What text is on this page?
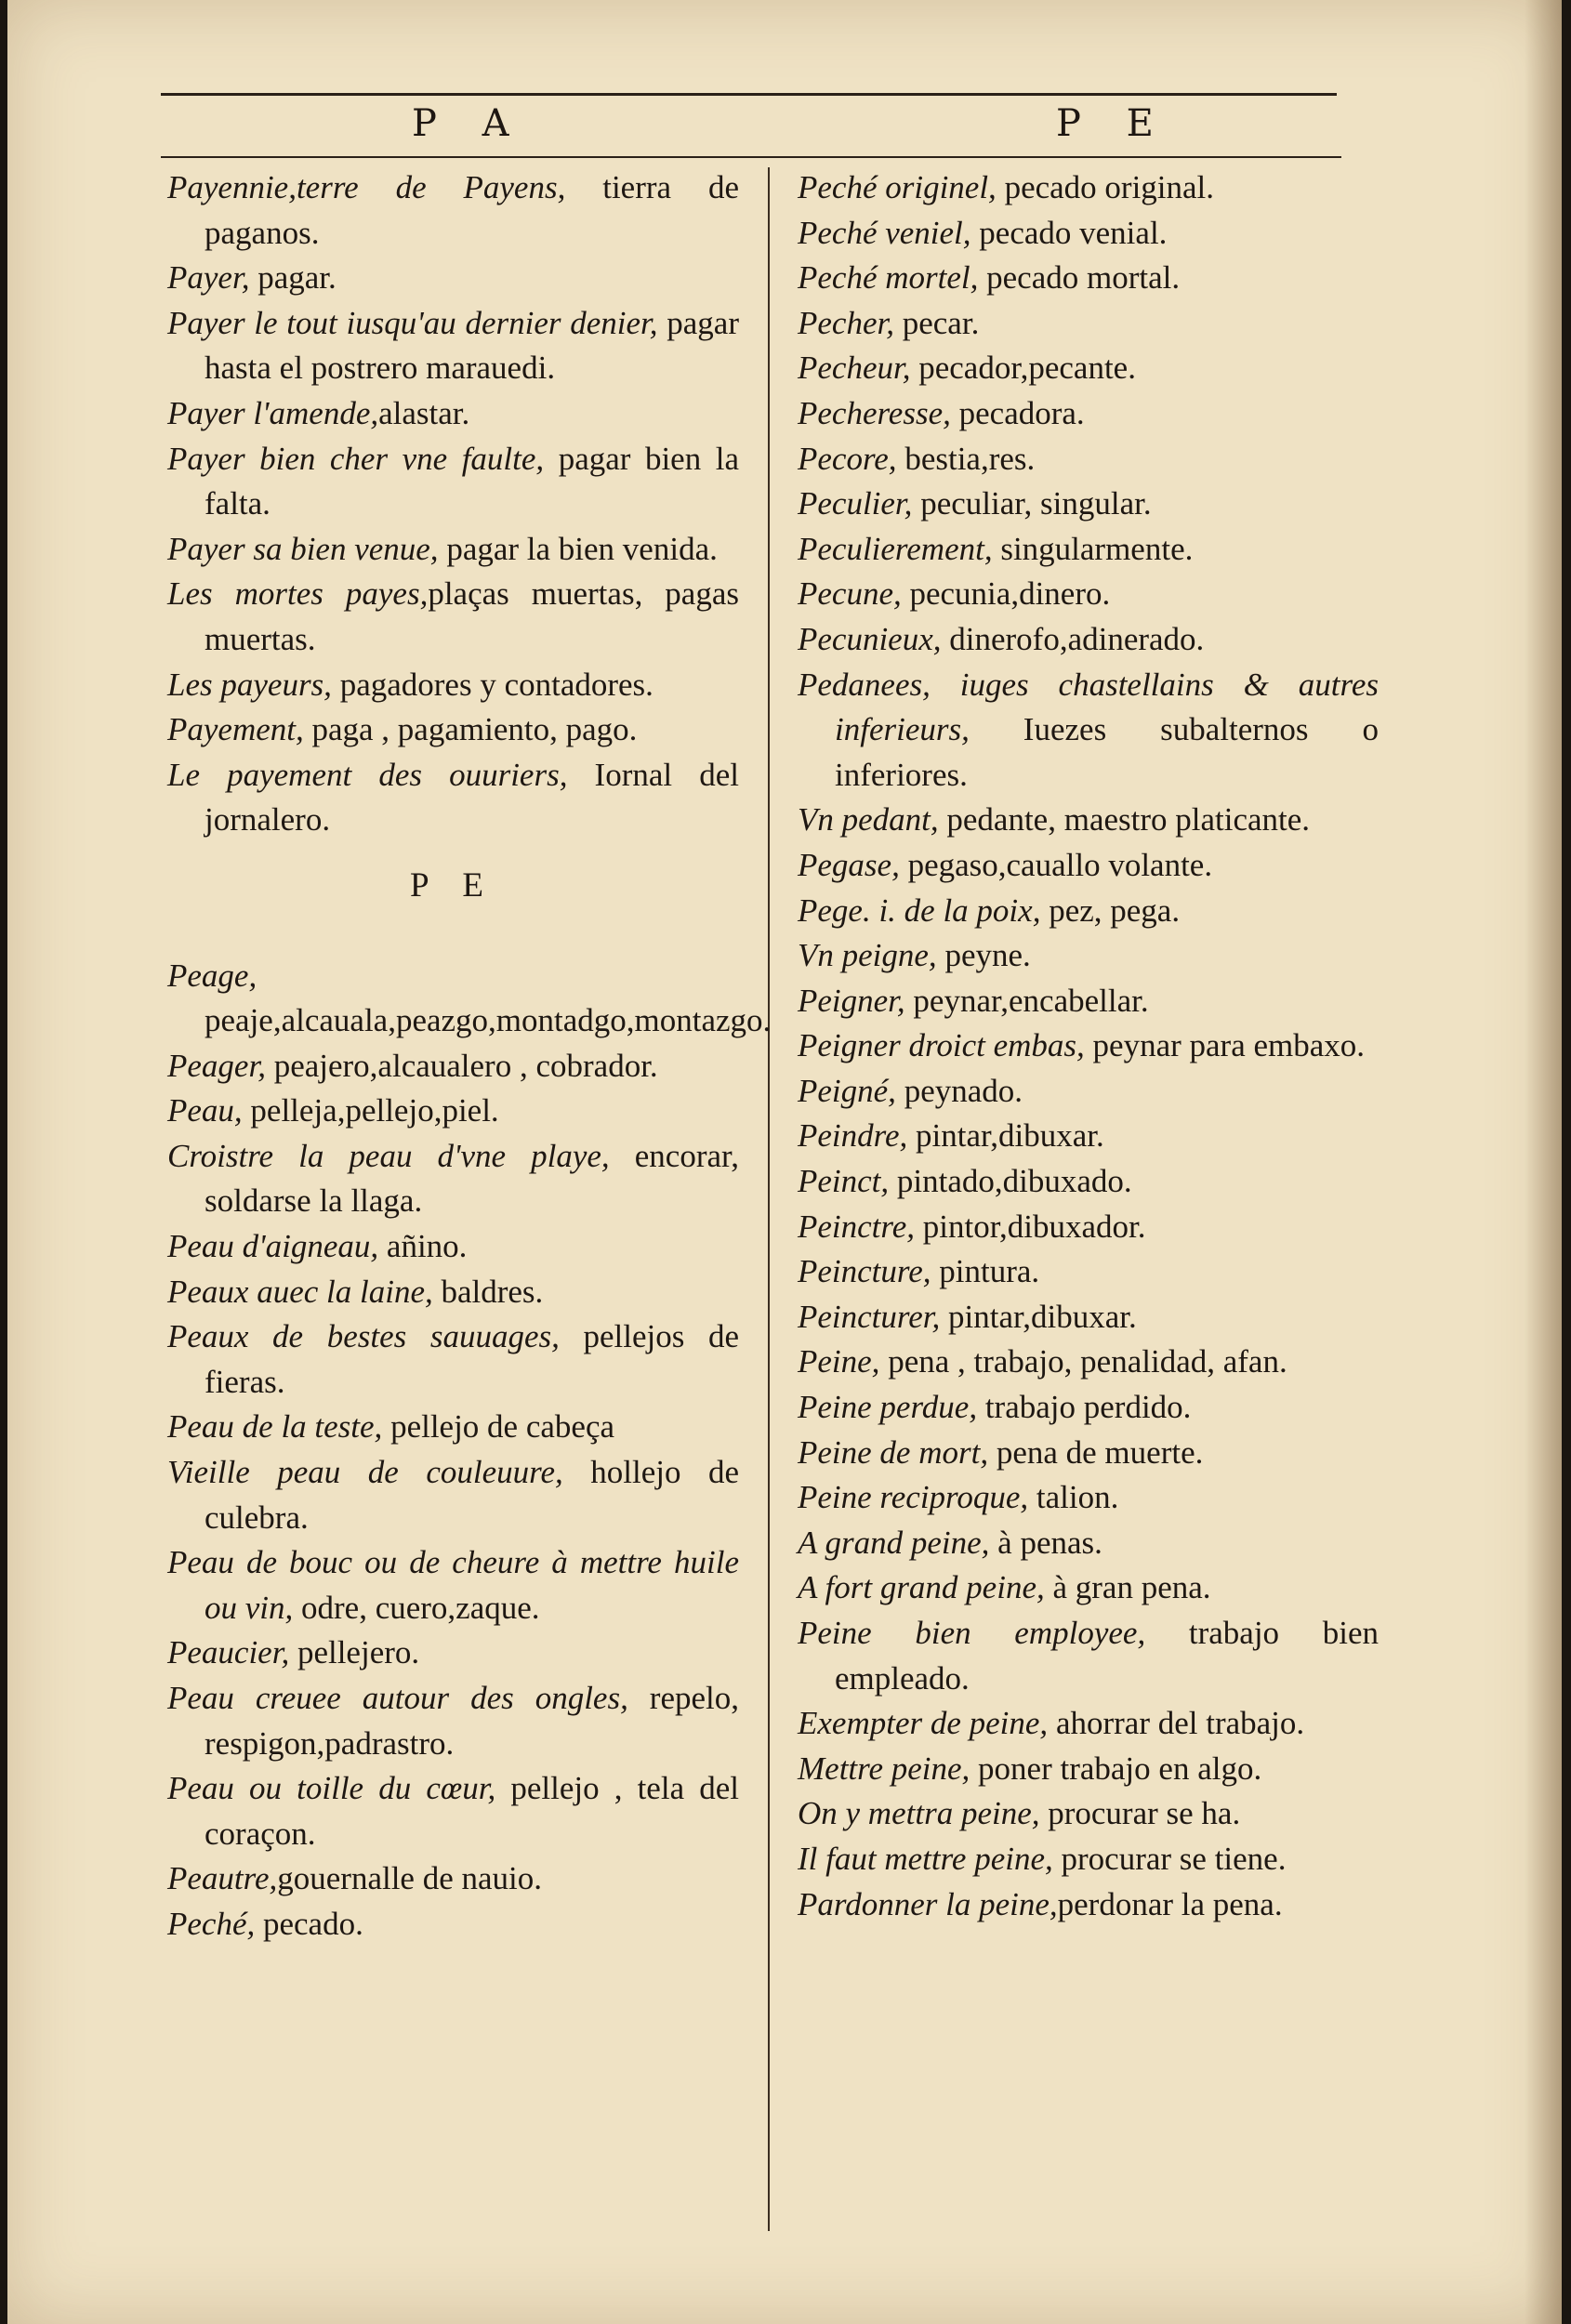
P A	P E
Payennie,terre de Payens, tierra de paganos.
Payer, pagar.
Payer le tout iusqu'au dernier denier, pagar hasta el postrero marauedi.
Payer l'amende,alastar.
Payer bien cher vne faulte, pagar bien la falta.
Payer sa bien venue, pagar la bien venida.
Les mortes payes,plaças muertas, pagas muertas.
Les payeurs, pagadores y contadores.
Payement, paga , pagamiento, pago.
Le payement des ouuriers, Iornal del jornalero.
P E
Peage, peaje,alcauala,peazgo,montadgo,montazgo.
Peager, peajero,alcaualero , cobrador.
Peau, pelleja,pellejo,piel.
Croistre la peau d'vne playe, encorar, soldarse la llaga.
Peau d'aigneau, añino.
Peaux auec la laine, baldres.
Peaux de bestes sauuages, pellejos de fieras.
Peau de la teste, pellejo de cabeça
Vieille peau de couleuure, hollejo de culebra.
Peau de bouc ou de cheure à mettre huile ou vin, odre, cuero,zaque.
Peaucier, pellejero.
Peau creuee autour des ongles, repelo, respigon,padrastro.
Peau ou toille du cœur, pellejo , tela del coraçon.
Peautre,gouernalle de nauio.
Peché, pecado.
Peché originel, pecado original.
Peché veniel, pecado venial.
Peché mortel, pecado mortal.
Pecher, pecar.
Pecheur, pecador,pecante.
Pecheresse, pecadora.
Pecore, bestia,res.
Peculier, peculiar, singular.
Peculierement, singularmente.
Pecune, pecunia,dinero.
Pecunieux, dinerofo,adinerado.
Pedanees, iuges chastellains & autres inferieurs, Iuezes subalternos o inferiores.
Vn pedant, pedante, maestro platicante.
Pegase, pegaso,cauallo volante.
Pege. i. de la poix, pez, pega.
Vn peigne, peyne.
Peigner, peynar,encabellar.
Peigner droict embas, peynar para embaxo.
Peigné, peynado.
Peindre, pintar,dibuxar.
Peinct, pintado,dibuxado.
Peinctre, pintor,dibuxador.
Peincture, pintura.
Peincturer, pintar,dibuxar.
Peine, pena , trabajo, penalidad, afan.
Peine perdue, trabajo perdido.
Peine de mort, pena de muerte.
Peine reciproque, talion.
A grand peine, à penas.
A fort grand peine, à gran pena.
Peine bien employee, trabajo bien empleado.
Exempter de peine, ahorrar del trabajo.
Mettre peine, poner trabajo en algo.
On y mettra peine, procurar se ha.
Il faut mettre peine, procurar se tiene.
Pardonner la peine,perdonar la pena.
